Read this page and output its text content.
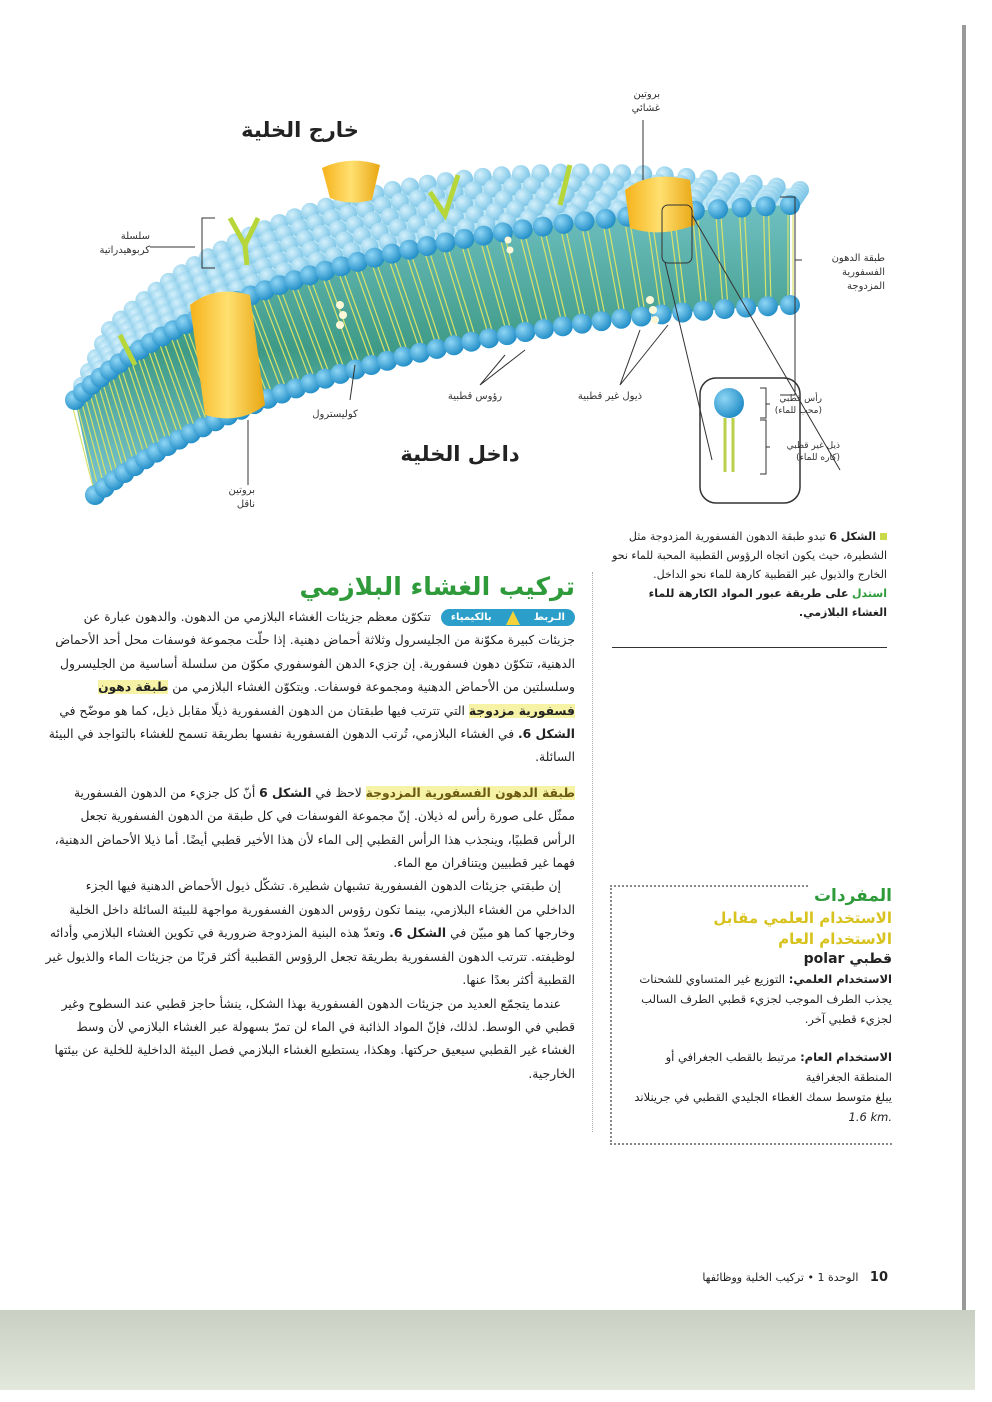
خارج الخلية
داخل الخلية
بروتين
غشائي
سلسلة
كربوهيدراتية
طبقة الدهون
الفسفورية
المزدوجة
رؤوس قطبية	ذيول غير قطبية
كوليسترول
بروتين
ناقل
رأس قطبي
(محب للماء)
ذيل غير قطبي
(كاره للماء)
الشكل 6 تبدو طبقة الدهون الفسفورية المزدوجة مثل الشطيرة، حيث يكون اتجاه الرؤوس القطبية المحبة للماء نحو الخارج والذيول غير القطبية كارهة للماء نحو الداخل.
استدل على طريقة عبور المواد الكارهة للماء الغشاء البلازمي.
تركيب الغشاء البلازمي

الـربط
بالكيمياء
تتكوّن معظم جزيئات الغشاء البلازمي من الدهون. والدهون عبارة عن جزيئات كبيرة مكوّنة من الجليسرول وثلاثة أحماض دهنية. إذا حلّت مجموعة فوسفات محل أحد الأحماض الدهنية، تتكوّن دهون فسفورية. إن جزيء الدهن الفوسفوري مكوّن من سلسلة أساسية من الجليسرول وسلسلتين من الأحماض الدهنية ومجموعة فوسفات. ويتكوّن الغشاء البلازمي من طبقة دهون فسفورية مزدوجة التي تترتب فيها طبقتان من الدهون الفسفورية ذيلًا مقابل ذيل، كما هو موضّح في الشكل 6. في الغشاء البلازمي، تُرتب الدهون الفسفورية نفسها بطريقة تسمح للغشاء بالتواجد في البيئة السائلة.

طبقة الدهون الفسفورية المزدوجة لاحظ في الشكل 6 أنّ كل جزيء من الدهون الفسفورية ممثّل على صورة رأس له ذيلان. إنّ مجموعة الفوسفات في كل طبقة من الدهون الفسفورية تجعل الرأس قطبيًا، وينجذب هذا الرأس القطبي إلى الماء لأن هذا الأخير قطبي أيضًا. أما ذيلا الأحماض الدهنية، فهما غير قطبيين ويتنافران مع الماء.

إن طبقتي جزيئات الدهون الفسفورية تشبهان شطيرة. تشكّل ذيول الأحماض الدهنية فيها الجزء الداخلي من الغشاء البلازمي، بينما تكون رؤوس الدهون الفسفورية مواجهة للبيئة السائلة داخل الخلية وخارجها كما هو مبيّن في الشكل 6. وتعدّ هذه البنية المزدوجة ضرورية في تكوين الغشاء البلازمي وأدائه لوظيفته. تترتب الدهون الفسفورية بطريقة تجعل الرؤوس القطبية أكثر قربًا من جزيئات الماء والذيول غير القطبية أكثر بعدًا عنها.

عندما يتجمّع العديد من جزيئات الدهون الفسفورية بهذا الشكل، ينشأ حاجز قطبي عند السطوح وغير قطبي في الوسط. لذلك، فإنّ المواد الذائبة في الماء لن تمرّ بسهولة عبر الغشاء البلازمي لأن وسط الغشاء غير القطبي سيعيق حركتها. وهكذا، يستطيع الغشاء البلازمي فصل البيئة الداخلية للخلية عن بيئتها الخارجية.

المفردات
الاستخدام العلمي مقابل
الاستخدام العام
قطبي polar
الاستخدام العلمي: التوزيع غير المتساوي للشحنات
يجذب الطرف الموجب لجزيء قطبي الطرف السالب لجزيء قطبي آخر.
الاستخدام العام: مرتبط بالقطب الجغرافي أو المنطقة الجغرافية
يبلغ متوسط سمك الغطاء الجليدي القطبي في جرينلاند 1.6 km.
10 الوحدة 1 • تركيب الخلية ووظائفها
